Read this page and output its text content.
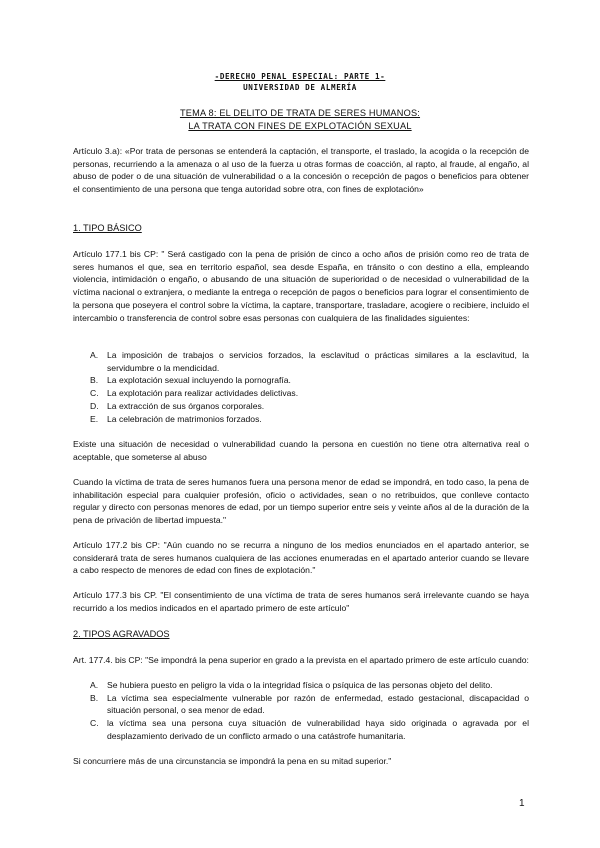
-DERECHO PENAL ESPECIAL: PARTE 1-
UNIVERSIDAD DE ALMERÍA
TEMA 8: EL DELITO DE TRATA DE SERES HUMANOS:
LA TRATA CON FINES DE EXPLOTACIÓN SEXUAL
Artículo 3.a): «Por trata de personas se entenderá la captación, el transporte, el traslado, la acogida o la recepción de personas, recurriendo a la amenaza o al uso de la fuerza u otras formas de coacción, al rapto, al fraude, al engaño, al abuso de poder o de una situación de vulnerabilidad o a la concesión o recepción de pagos o beneficios para obtener el consentimiento de una persona que tenga autoridad sobre otra, con fines de explotación»
1. TIPO BÁSICO
Artículo 177.1 bis CP: " Será castigado con la pena de prisión de cinco a ocho años de prisión como reo de trata de seres humanos el que, sea en territorio español, sea desde España, en tránsito o con destino a ella, empleando violencia, intimidación o engaño, o abusando de una situación de superioridad o de necesidad o vulnerabilidad de la víctima nacional o extranjera, o mediante la entrega o recepción de pagos o beneficios para lograr el consentimiento de la persona que poseyera el control sobre la víctima, la captare, transportare, trasladare, acogiere o recibiere, incluido el intercambio o transferencia de control sobre esas personas con cualquiera de las finalidades siguientes:
A. La imposición de trabajos o servicios forzados, la esclavitud o prácticas similares a la esclavitud, la servidumbre o la mendicidad.
B. La explotación sexual incluyendo la pornografía.
C. La explotación para realizar actividades delictivas.
D. La extracción de sus órganos corporales.
E. La celebración de matrimonios forzados.
Existe una situación de necesidad o vulnerabilidad cuando la persona en cuestión no tiene otra alternativa real o aceptable, que someterse al abuso
Cuando la víctima de trata de seres humanos fuera una persona menor de edad se impondrá, en todo caso, la pena de inhabilitación especial para cualquier profesión, oficio o actividades, sean o no retribuidos, que conlleve contacto regular y directo con personas menores de edad, por un tiempo superior entre seis y veinte años al de la duración de la pena de privación de libertad impuesta."
Artículo 177.2 bis CP: "Aún cuando no se recurra a ninguno de los medios enunciados en el apartado anterior, se considerará trata de seres humanos cualquiera de las acciones enumeradas en el apartado anterior cuando se llevare a cabo respecto de menores de edad con fines de explotación."
Artículo 177.3 bis CP. "El consentimiento de una víctima de trata de seres humanos será irrelevante cuando se haya recurrido a los medios indicados en el apartado primero de este artículo"
2. TIPOS AGRAVADOS
Art. 177.4. bis CP: "Se impondrá la pena superior en grado a la prevista en el apartado primero de este artículo cuando:
A. Se hubiera puesto en peligro la vida o la integridad física o psíquica de las personas objeto del delito.
B. La víctima sea especialmente vulnerable por razón de enfermedad, estado gestacional, discapacidad o situación personal, o sea menor de edad.
C. la víctima sea una persona cuya situación de vulnerabilidad haya sido originada o agravada por el desplazamiento derivado de un conflicto armado o una catástrofe humanitaria.
Si concurriere más de una circunstancia se impondrá la pena en su mitad superior."
1
